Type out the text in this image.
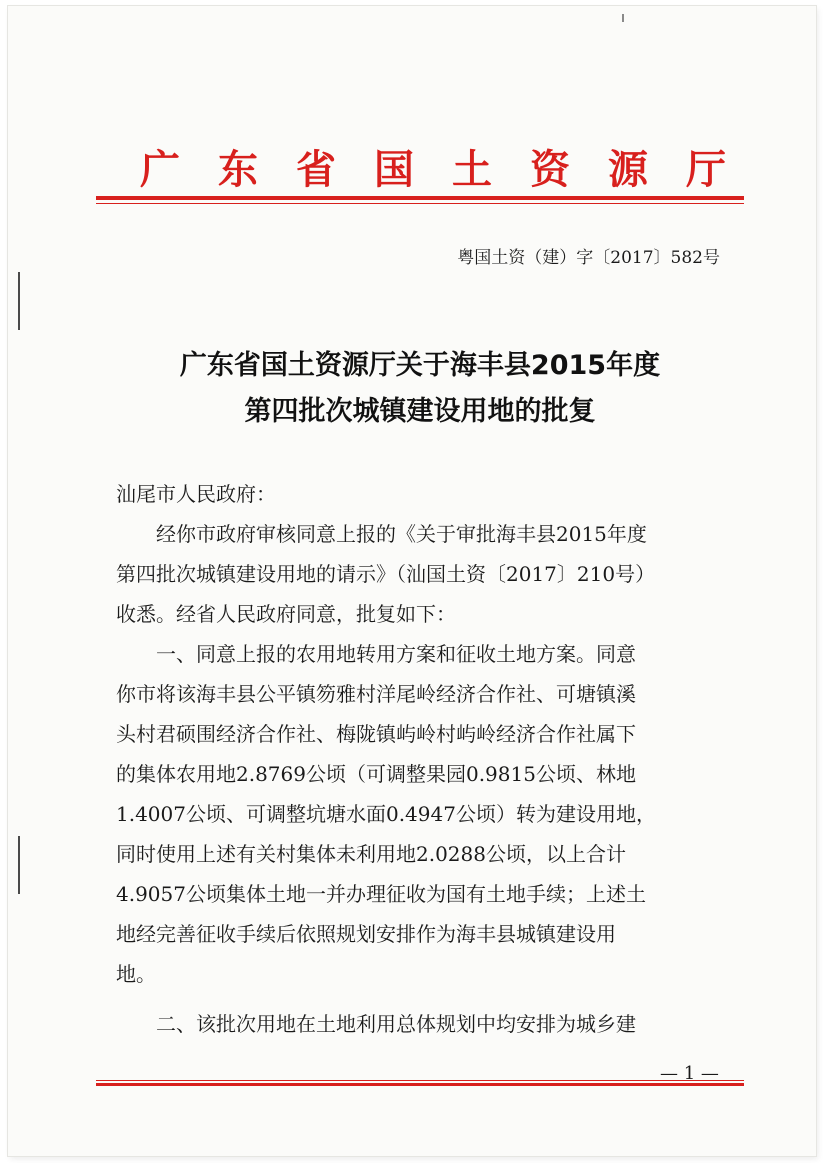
广东省国土资源厅
粤国土资（建）字〔2017〕582号
广东省国土资源厅关于海丰县2015年度
第四批次城镇建设用地的批复
汕尾市人民政府：
经你市政府审核同意上报的《关于审批海丰县2015年度
第四批次城镇建设用地的请示》（汕国土资〔2017〕210号）
收悉。经省人民政府同意，批复如下：
一、同意上报的农用地转用方案和征收土地方案。同意
你市将该海丰县公平镇笏雅村洋尾岭经济合作社、可塘镇溪
头村君硕围经济合作社、梅陇镇屿岭村屿岭经济合作社属下
的集体农用地2.8769公顷（可调整果园0.9815公顷、林地
1.4007公顷、可调整坑塘水面0.4947公顷）转为建设用地，
同时使用上述有关村集体未利用地2.0288公顷，以上合计
4.9057公顷集体土地一并办理征收为国有土地手续；上述土
地经完善征收手续后依照规划安排作为海丰县城镇建设用
地。
二、该批次用地在土地利用总体规划中均安排为城乡建
— 1 —
